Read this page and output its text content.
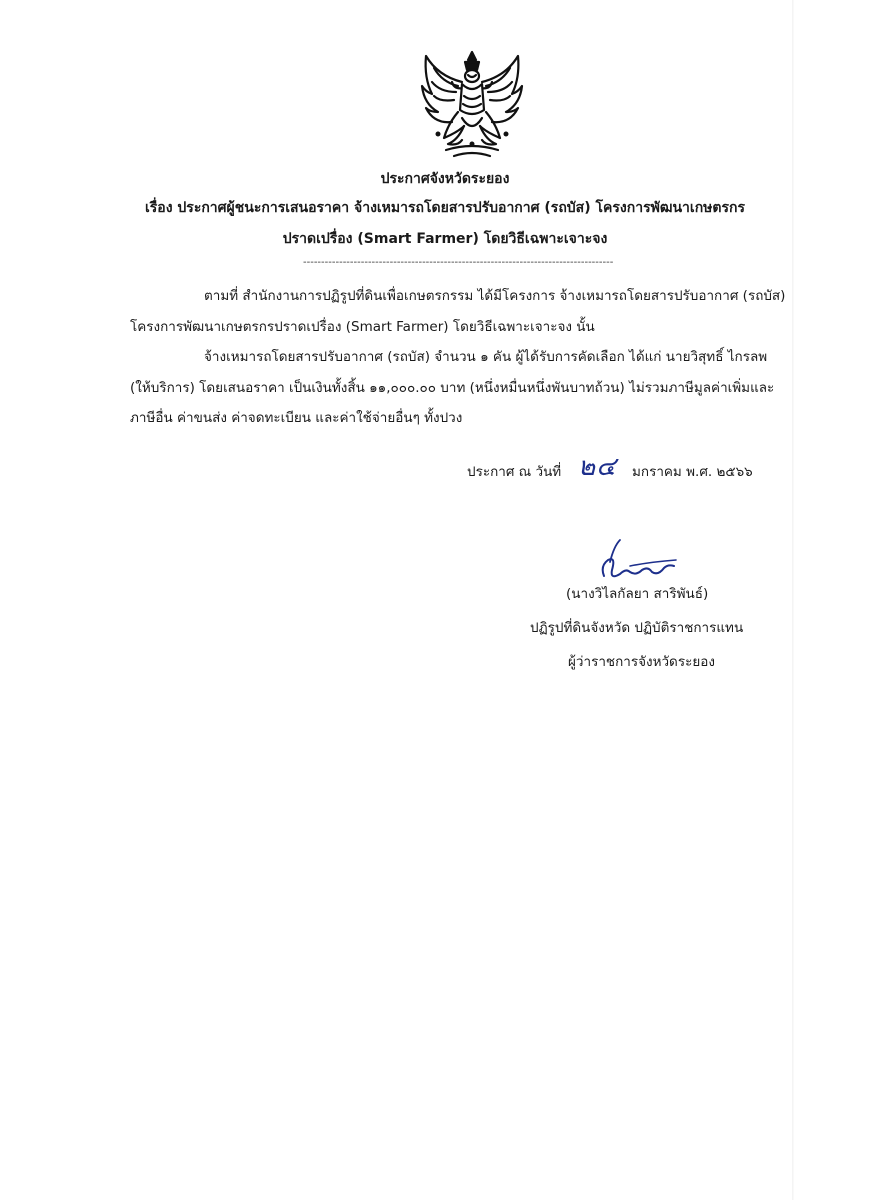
ประกาศจังหวัดระยอง
เรื่อง ประกาศผู้ชนะการเสนอราคา จ้างเหมารถโดยสารปรับอากาศ (รถบัส) โครงการพัฒนาเกษตรกร
ปราดเปรื่อง (Smart Farmer) โดยวิธีเฉพาะเจาะจง
--------------------------------------------------------------------------------------
ตามที่ สำนักงานการปฏิรูปที่ดินเพื่อเกษตรกรรม ได้มีโครงการ จ้างเหมารถโดยสารปรับอากาศ (รถบัส)
โครงการพัฒนาเกษตรกรปราดเปรื่อง (Smart Farmer) โดยวิธีเฉพาะเจาะจง นั้น
จ้างเหมารถโดยสารปรับอากาศ (รถบัส) จำนวน ๑ คัน ผู้ได้รับการคัดเลือก ได้แก่ นายวิสุทธิ์ ไกรลพ
(ให้บริการ) โดยเสนอราคา เป็นเงินทั้งสิ้น ๑๑,๐๐๐.๐๐ บาท (หนึ่งหมื่นหนึ่งพันบาทถ้วน) ไม่รวมภาษีมูลค่าเพิ่มและ
ภาษีอื่น ค่าขนส่ง ค่าจดทะเบียน และค่าใช้จ่ายอื่นๆ ทั้งปวง
ประกาศ ณ วันที่ ๒๔ มกราคม พ.ศ. ๒๕๖๖
(นางวิไลกัลยา สาริพันธ์)
ปฏิรูปที่ดินจังหวัด ปฏิบัติราชการแทน
ผู้ว่าราชการจังหวัดระยอง
